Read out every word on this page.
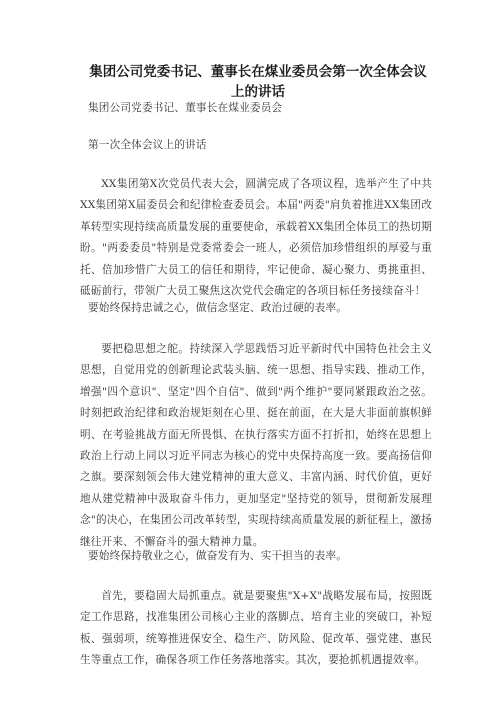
集团公司党委书记、董事长在煤业委员会第一次全体会议上的讲话

集团公司党委书记、董事长在煤业委员会

第一次全体会议上的讲话

XX集团第X次党员代表大会，圆满完成了各项议程，选举产生了中共XX集团第X届委员会和纪律检查委员会。本届"两委"肩负着推进XX集团改革转型实现持续高质量发展的重要使命，承载着XX集团全体员工的热切期盼。"两委委员"特别是党委常委会一班人，必须倍加珍惜组织的厚爱与重托、倍加珍惜广大员工的信任和期待，牢记使命、凝心聚力、勇挑重担、砥砺前行，带领广大员工聚焦这次党代会确定的各项目标任务接续奋斗！

要始终保持忠诚之心，做信念坚定、政治过硬的表率。

要把稳思想之舵。持续深入学思践悟习近平新时代中国特色社会主义思想，自觉用党的创新理论武装头脑、统一思想、指导实践、推动工作，增强"四个意识"、坚定"四个自信"、做到"两个维护"要同紧跟政治之弦。时刻把政治纪律和政治规矩刻在心里、挺在前面，在大是大非面前旗帜鲜明、在考验挑战方面无所畏惧、在执行落实方面不打折扣，始终在思想上政治上行动上同以习近平同志为核心的党中央保持高度一致。要高扬信仰之旗。要深刻领会伟大建党精神的重大意义、丰富内涵、时代价值，更好地从建党精神中汲取奋斗伟力，更加坚定"坚持党的领导，贯彻新发展理念"的决心，在集团公司改革转型，实现持续高质量发展的新征程上，激扬继往开来、不懈奋斗的强大精神力量。

要始终保持敬业之心，做奋发有为、实干担当的表率。

首先，要稳固大局抓重点。就是要聚焦"X+X"战略发展布局，按照既定工作思路，找准集团公司核心主业的落脚点、培育主业的突破口，补短板、强弱项，统筹推进保安全、稳生产、防风险、促改革、强党建、惠民生等重点工作，确保各项工作任务落地落实。其次，要抢抓机遇提效率。
